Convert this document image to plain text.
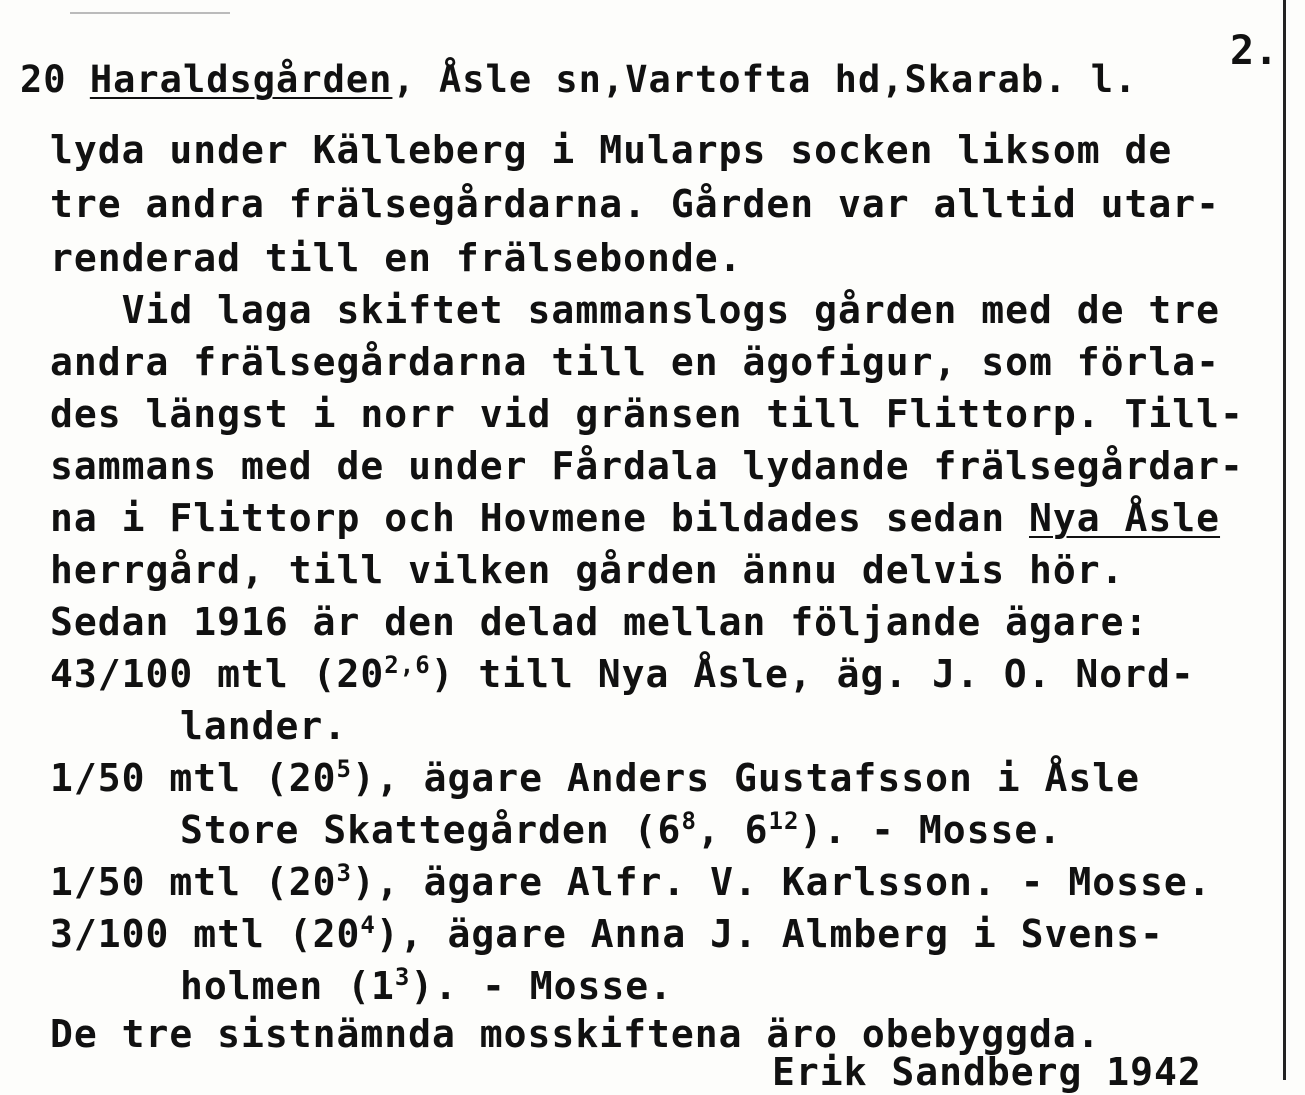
2.
20 Haraldsgården, Åsle sn,Vartofta hd,Skarab. l.
lyda under Källeberg i Mularps socken liksom de
tre andra frälsegårdarna. Gården var alltid utar-
renderad till en frälsebonde.
Vid laga skiftet sammanslogs gården med de tre
andra frälsegårdarna till en ägofigur, som förla-
des längst i norr vid gränsen till Flittorp. Till-
sammans med de under Fårdala lydande frälsegårdar-
na i Flittorp och Hovmene bildades sedan Nya Åsle
herrgård, till vilken gården ännu delvis hör.
Sedan 1916 är den delad mellan följande ägare:
43/100 mtl (20$^{2,6}$) till Nya Åsle, äg. J. O. Nord-
lander.
1/50 mtl $(20^5)$, ägare Anders Gustafsson i Åsle
Store Skattegården ($6^8$, $6^{12}$). - Mosse.
1/50 mtl $(20^3)$, ägare Alfr. V. Karlsson. - Mosse.
3/100 mtl $(20^4)$, ägare Anna J. Almberg i Svens-
holmen $(1^3)$. - Mosse.
De tre sistnämnda mosskiftena äro obebyggda.
Erik Sandberg 1942
